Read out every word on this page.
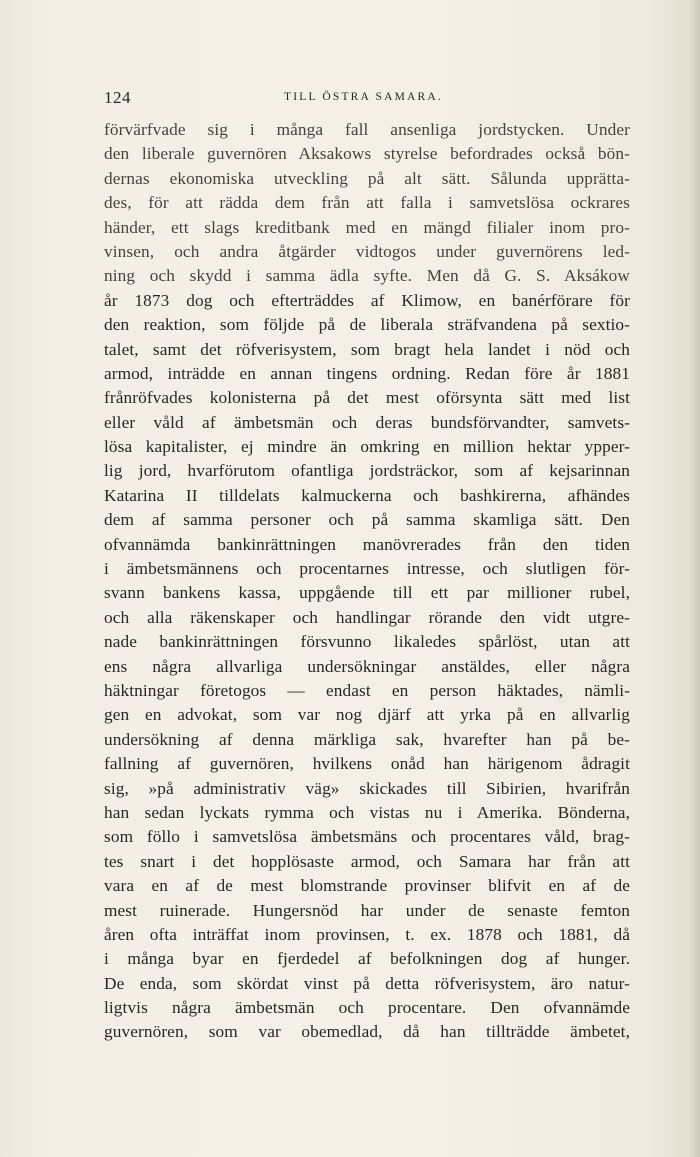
124	TILL ÖSTRA SAMARA.
förvärfvade sig i många fall ansenliga jordstycken. Under
den liberale guvernören Aksakows styrelse befordrades också bön-
dernas ekonomiska utveckling på alt sätt. Sålunda upprätta-
des, för att rädda dem från att falla i samvetslösa ockrares
händer, ett slags kreditbank med en mängd filialer inom pro-
vinsen, och andra åtgärder vidtogos under guvernörens led-
ning och skydd i samma ädla syfte. Men då G. S. Aksákow
år 1873 dog och efterträddes af Klimow, en banérförare för
den reaktion, som följde på de liberala sträfvandena på sextio-
talet, samt det röfverisystem, som bragt hela landet i nöd och
armod, inträdde en annan tingens ordning. Redan före år 1881
frånröfvades kolonisterna på det mest oförsynta sätt med list
eller våld af ämbetsmän och deras bundsförvandter, samvets-
lösa kapitalister, ej mindre än omkring en million hektar ypper-
lig jord, hvarförutom ofantliga jordsträckor, som af kejsarinnan
Katarina II tilldelats kalmuckerna och bashkirerna, afhändes
dem af samma personer och på samma skamliga sätt. Den
ofvannämda bankinrättningen manövrerades från den tiden
i ämbetsmännens och procentarnes intresse, och slutligen för-
svann bankens kassa, uppgående till ett par millioner rubel,
och alla räkenskaper och handlingar rörande den vidt utgre-
nade bankinrättningen försvunno likaledes spårlöst, utan att
ens några allvarliga undersökningar anstäldes, eller några
häktningar företogos — endast en person häktades, nämli-
gen en advokat, som var nog djärf att yrka på en allvarlig
undersökning af denna märkliga sak, hvarefter han på be-
fallning af guvernören, hvilkens onåd han härigenom ådragit
sig, »på administrativ väg» skickades till Sibirien, hvarifrån
han sedan lyckats rymma och vistas nu i Amerika. Bönderna,
som föllo i samvetslösa ämbetsmäns och procentares våld, brag-
tes snart i det hopplösaste armod, och Samara har från att
vara en af de mest blomstrande provinser blifvit en af de
mest ruinerade. Hungersnöd har under de senaste femton
åren ofta inträffat inom provinsen, t. ex. 1878 och 1881, då
i många byar en fjerdedel af befolkningen dog af hunger.
De enda, som skördat vinst på detta röfverisystem, äro natur-
ligtvis några ämbetsmän och procentare. Den ofvannämde
guvernören, som var obemedlad, då han tillträdde ämbetet,
